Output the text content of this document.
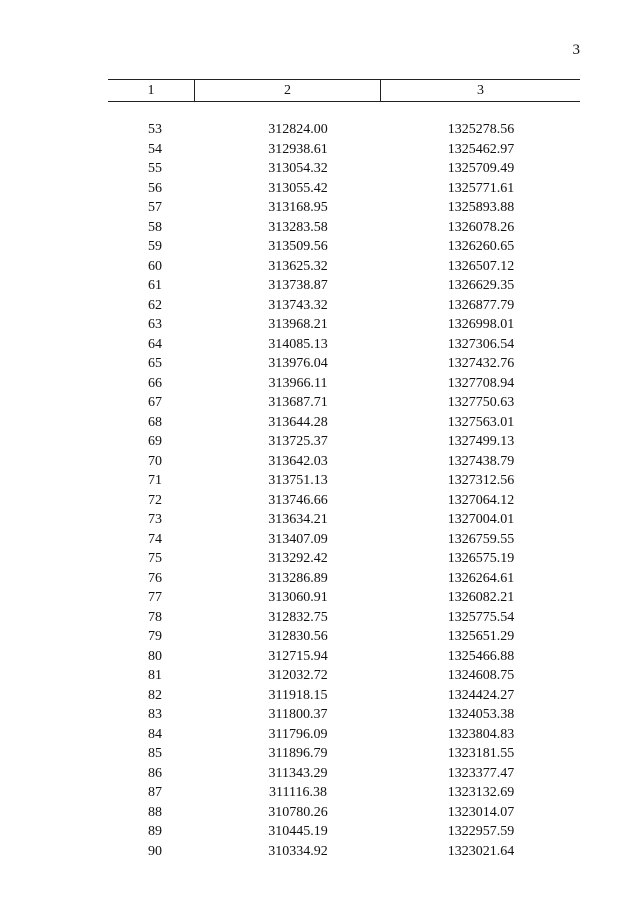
3
1	2	3
53	312824.00	1325278.56
54	312938.61	1325462.97
55	313054.32	1325709.49
56	313055.42	1325771.61
57	313168.95	1325893.88
58	313283.58	1326078.26
59	313509.56	1326260.65
60	313625.32	1326507.12
61	313738.87	1326629.35
62	313743.32	1326877.79
63	313968.21	1326998.01
64	314085.13	1327306.54
65	313976.04	1327432.76
66	313966.11	1327708.94
67	313687.71	1327750.63
68	313644.28	1327563.01
69	313725.37	1327499.13
70	313642.03	1327438.79
71	313751.13	1327312.56
72	313746.66	1327064.12
73	313634.21	1327004.01
74	313407.09	1326759.55
75	313292.42	1326575.19
76	313286.89	1326264.61
77	313060.91	1326082.21
78	312832.75	1325775.54
79	312830.56	1325651.29
80	312715.94	1325466.88
81	312032.72	1324608.75
82	311918.15	1324424.27
83	311800.37	1324053.38
84	311796.09	1323804.83
85	311896.79	1323181.55
86	311343.29	1323377.47
87	311116.38	1323132.69
88	310780.26	1323014.07
89	310445.19	1322957.59
90	310334.92	1323021.64
